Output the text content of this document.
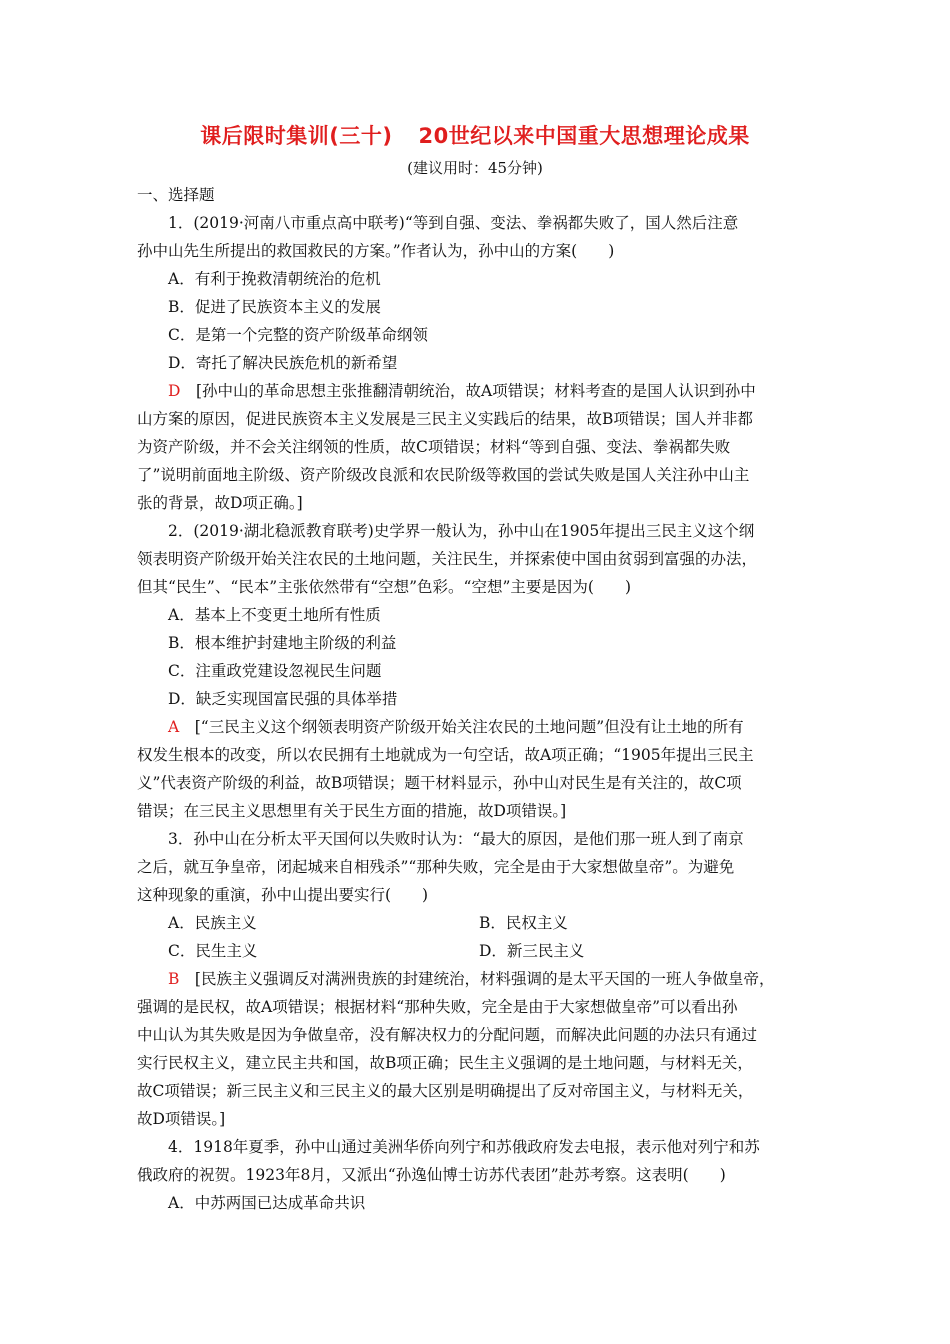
课后限时集训(三十) 20世纪以来中国重大思想理论成果
(建议用时：45分钟)
一、选择题
1．(2019·河南八市重点高中联考)“等到自强、变法、拳祸都失败了，国人然后注意
孙中山先生所提出的救国救民的方案。”作者认为，孙中山的方案(　　)
A．有利于挽救清朝统治的危机
B．促进了民族资本主义的发展
C．是第一个完整的资产阶级革命纲领
D．寄托了解决民族危机的新希望
D　 [孙中山的革命思想主张推翻清朝统治，故A项错误；材料考查的是国人认识到孙中
山方案的原因，促进民族资本主义发展是三民主义实践后的结果，故B项错误；国人并非都
为资产阶级，并不会关注纲领的性质，故C项错误；材料“等到自强、变法、拳祸都失败
了”说明前面地主阶级、资产阶级改良派和农民阶级等救国的尝试失败是国人关注孙中山主
张的背景，故D项正确。]
2．(2019·湖北稳派教育联考)史学界一般认为，孙中山在1905年提出三民主义这个纲
领表明资产阶级开始关注农民的土地问题，关注民生，并探索使中国由贫弱到富强的办法，
但其“民生”、“民本”主张依然带有“空想”色彩。“空想”主要是因为(　　)
A．基本上不变更土地所有性质
B．根本维护封建地主阶级的利益
C．注重政党建设忽视民生问题
D．缺乏实现国富民强的具体举措
A　 [“三民主义这个纲领表明资产阶级开始关注农民的土地问题”但没有让土地的所有
权发生根本的改变，所以农民拥有土地就成为一句空话，故A项正确；“1905年提出三民主
义”代表资产阶级的利益，故B项错误；题干材料显示，孙中山对民生是有关注的，故C项
错误；在三民主义思想里有关于民生方面的措施，故D项错误。]
3．孙中山在分析太平天国何以失败时认为：“最大的原因，是他们那一班人到了南京
之后，就互争皇帝，闭起城来自相残杀”“那种失败，完全是由于大家想做皇帝”。为避免
这种现象的重演，孙中山提出要实行(　　)
A．民族主义	B．民权主义
C．民生主义	D．新三民主义
B　 [民族主义强调反对满洲贵族的封建统治，材料强调的是太平天国的一班人争做皇帝，
强调的是民权，故A项错误；根据材料“那种失败，完全是由于大家想做皇帝”可以看出孙
中山认为其失败是因为争做皇帝，没有解决权力的分配问题，而解决此问题的办法只有通过
实行民权主义，建立民主共和国，故B项正确；民生主义强调的是土地问题，与材料无关，
故C项错误；新三民主义和三民主义的最大区别是明确提出了反对帝国主义，与材料无关，
故D项错误。]
4．1918年夏季，孙中山通过美洲华侨向列宁和苏俄政府发去电报，表示他对列宁和苏
俄政府的祝贺。1923年8月，又派出“孙逸仙博士访苏代表团”赴苏考察。这表明(　　)
A．中苏两国已达成革命共识
